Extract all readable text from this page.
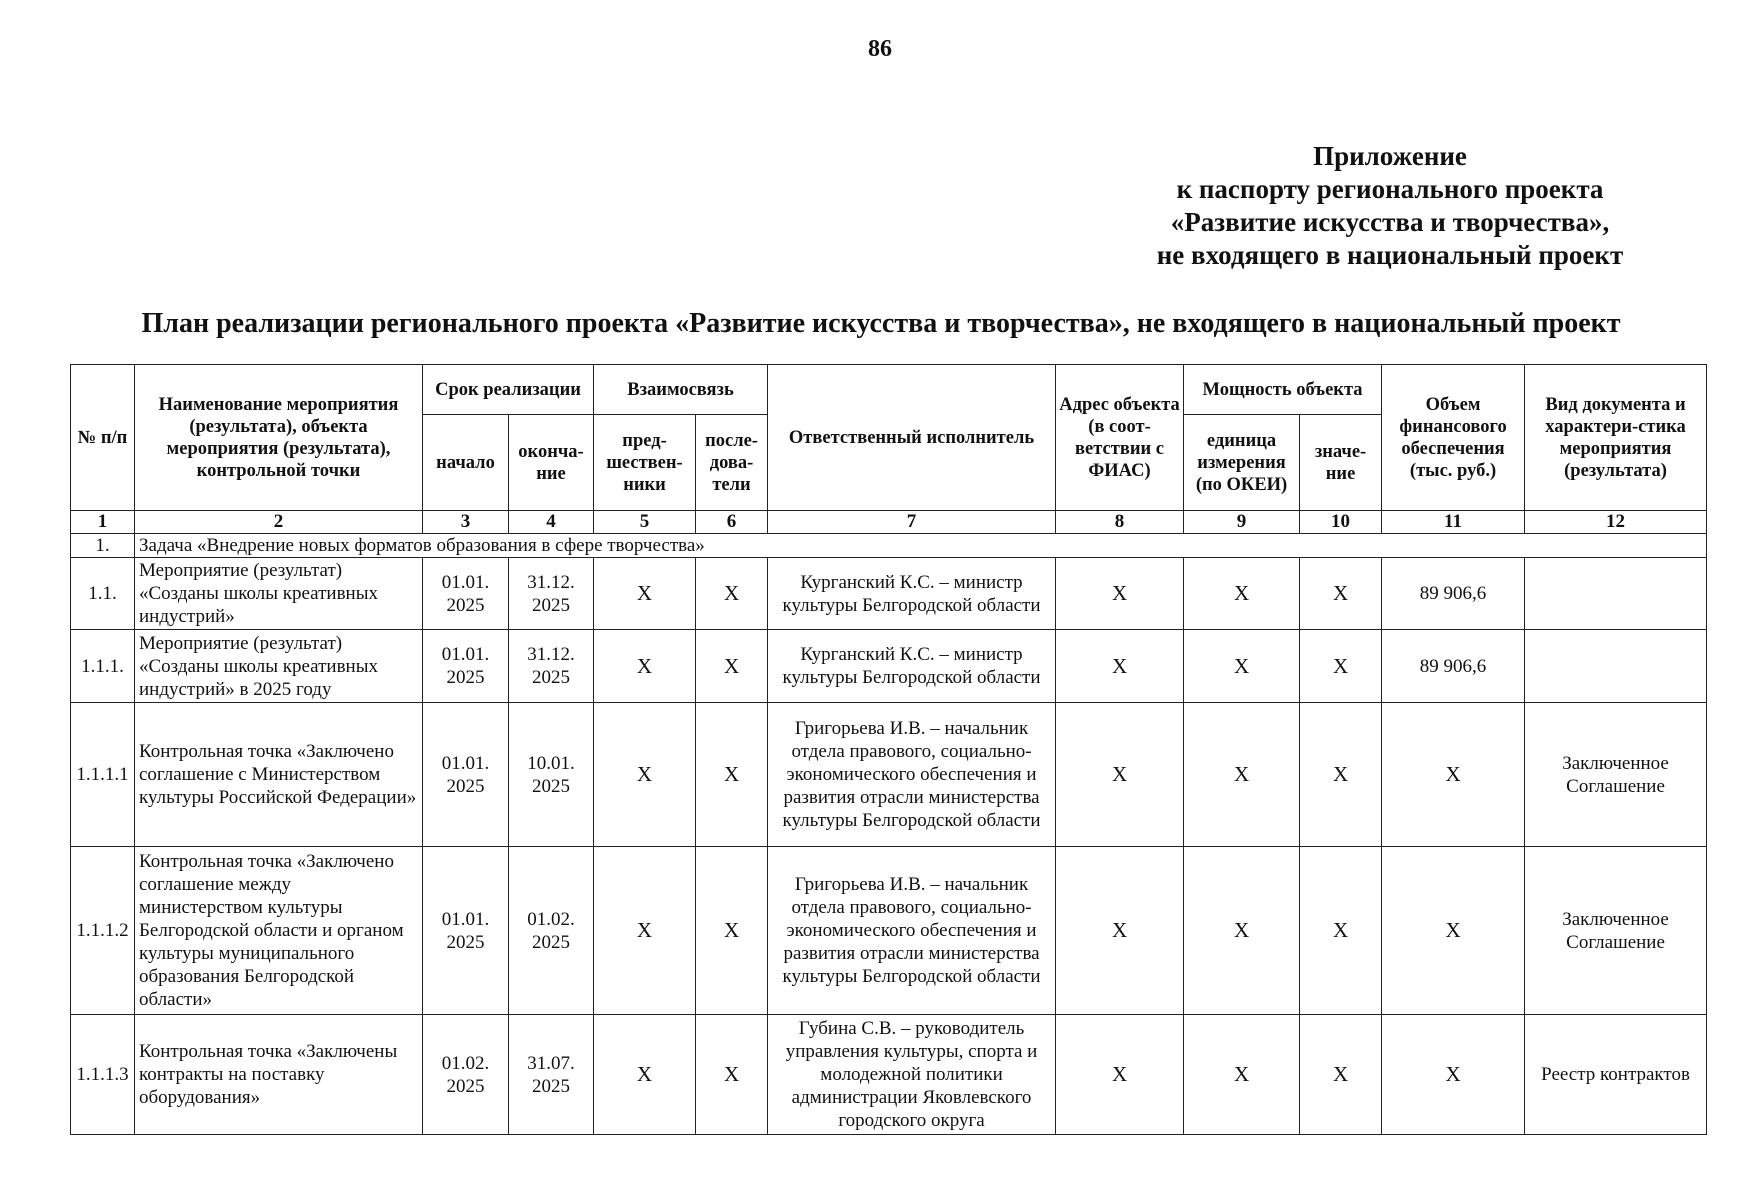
86
Приложение
к паспорту регионального проекта
«Развитие искусства и творчества»,
не входящего в национальный проект
План реализации регионального проекта «Развитие искусства и творчества», не входящего в национальный проект
№ п/п	Наименование мероприятия (результата), объекта мероприятия (результата), контрольной точки	Срок реализации		Взаимосвязь		Ответственный исполнитель	Адрес объекта (в соот-ветствии с ФИАС)	Мощность объекта		Объем финансового обеспечения (тыс. руб.)	Вид документа и характери-стика мероприятия (результата)
		начало	оконча-ние	пред-шествен-ники	после-дова-тели			единица измерения (по ОКЕИ)	значе-ние		
1	2	3	4	5	6	7	8	9	10	11	12
1.	Задача «Внедрение новых форматов образования в сфере творчества»										
1.1.	Мероприятие (результат) «Созданы школы креативных индустрий»	01.01. 2025	31.12. 2025	X	X	Курганский К.С. – министр культуры Белгородской области	X	X	X	89 906,6	
1.1.1.	Мероприятие (результат) «Созданы школы креативных индустрий» в 2025 году	01.01. 2025	31.12. 2025	X	X	Курганский К.С. – министр культуры Белгородской области	X	X	X	89 906,6	
1.1.1.1	Контрольная точка «Заключено соглашение с Министерством культуры Российской Федерации»	01.01. 2025	10.01. 2025	X	X	Григорьева И.В. – начальник отдела правового, социально-экономического обеспечения и развития отрасли министерства культуры Белгородской области	X	X	X	X	Заключенное Соглашение
1.1.1.2	Контрольная точка «Заключено соглашение между министерством культуры Белгородской области и органом культуры муниципального образования Белгородской области»	01.01. 2025	01.02. 2025	X	X	Григорьева И.В. – начальник отдела правового, социально-экономического обеспечения и развития отрасли министерства культуры Белгородской области	X	X	X	X	Заключенное Соглашение
1.1.1.3	Контрольная точка «Заключены контракты на поставку оборудования»	01.02. 2025	31.07. 2025	X	X	Губина С.В. – руководитель управления культуры, спорта и молодежной политики администрации Яковлевского городского округа	X	X	X	X	Реестр контрактов
